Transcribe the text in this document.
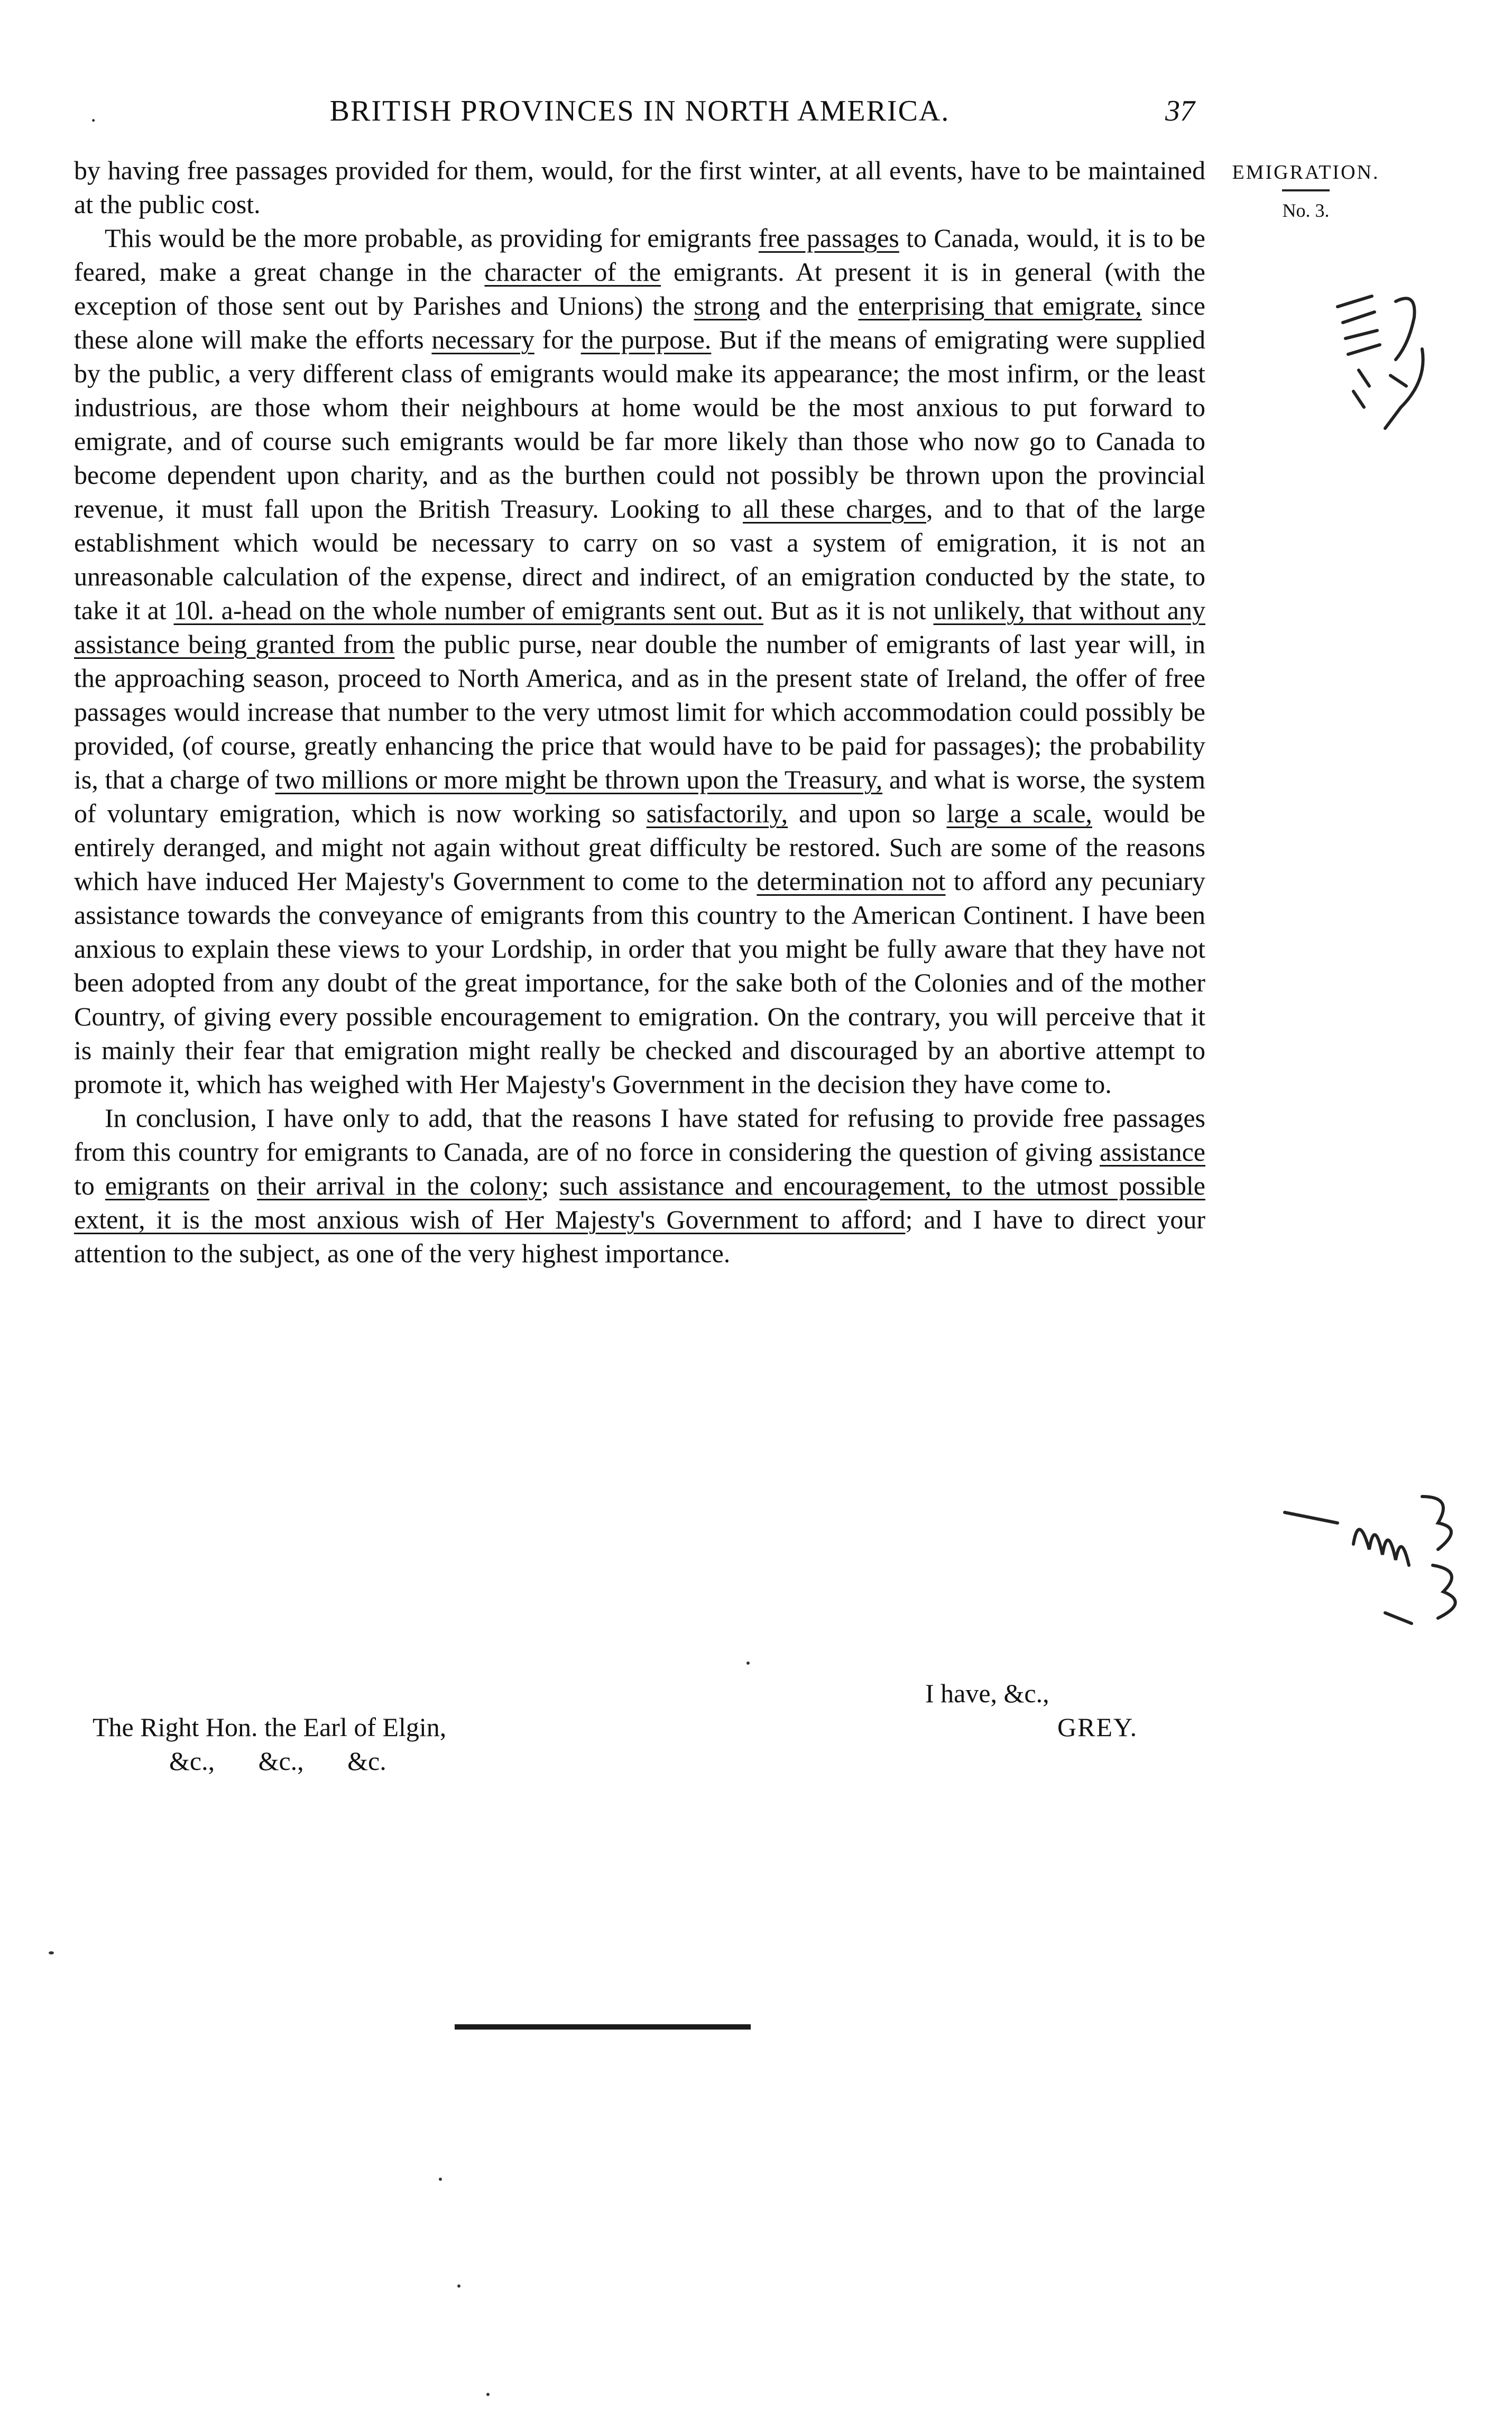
·	BRITISH PROVINCES IN NORTH AMERICA.	37
EMIGRATION.
No. 3.

by having free passages provided for them, would, for the first winter, at all events, have to be maintained at the public cost.

This would be the more probable, as providing for emigrants free passages to Canada, would, it is to be feared, make a great change in the character of the emigrants. At present it is in general (with the exception of those sent out by Parishes and Unions) the strong and the enterprising that emigrate, since these alone will make the efforts necessary for the purpose. But if the means of emigrating were supplied by the public, a very different class of emigrants would make its appearance; the most infirm, or the least industrious, are those whom their neighbours at home would be the most anxious to put forward to emigrate, and of course such emigrants would be far more likely than those who now go to Canada to become dependent upon charity, and as the burthen could not possibly be thrown upon the provincial revenue, it must fall upon the British Treasury. Looking to all these charges, and to that of the large establishment which would be necessary to carry on so vast a system of emigration, it is not an unreasonable calculation of the expense, direct and indirect, of an emigration conducted by the state, to take it at 10l. a-head on the whole number of emigrants sent out. But as it is not unlikely, that without any assistance being granted from the public purse, near double the number of emigrants of last year will, in the approaching season, proceed to North America, and as in the present state of Ireland, the offer of free passages would increase that number to the very utmost limit for which accommodation could possibly be provided, (of course, greatly enhancing the price that would have to be paid for passages); the probability is, that a charge of two millions or more might be thrown upon the Treasury, and what is worse, the system of voluntary emigration, which is now working so satisfactorily, and upon so large a scale, would be entirely deranged, and might not again without great difficulty be restored. Such are some of the reasons which have induced Her Majesty's Government to come to the determination not to afford any pecuniary assistance towards the conveyance of emigrants from this country to the American Continent. I have been anxious to explain these views to your Lordship, in order that you might be fully aware that they have not been adopted from any doubt of the great importance, for the sake both of the Colonies and of the mother Country, of giving every possible encouragement to emigration. On the contrary, you will perceive that it is mainly their fear that emigration might really be checked and discouraged by an abortive attempt to promote it, which has weighed with Her Majesty's Government in the decision they have come to.

In conclusion, I have only to add, that the reasons I have stated for refusing to provide free passages from this country for emigrants to Canada, are of no force in considering the question of giving assistance to emigrants on their arrival in the colony; such assistance and encouragement, to the utmost possible extent, it is the most anxious wish of Her Majesty's Government to afford; and I have to direct your attention to the subject, as one of the very highest importance.

I have, &c.,
GREY.
The Right Hon. the Earl of Elgin,
&c., &c., &c.
